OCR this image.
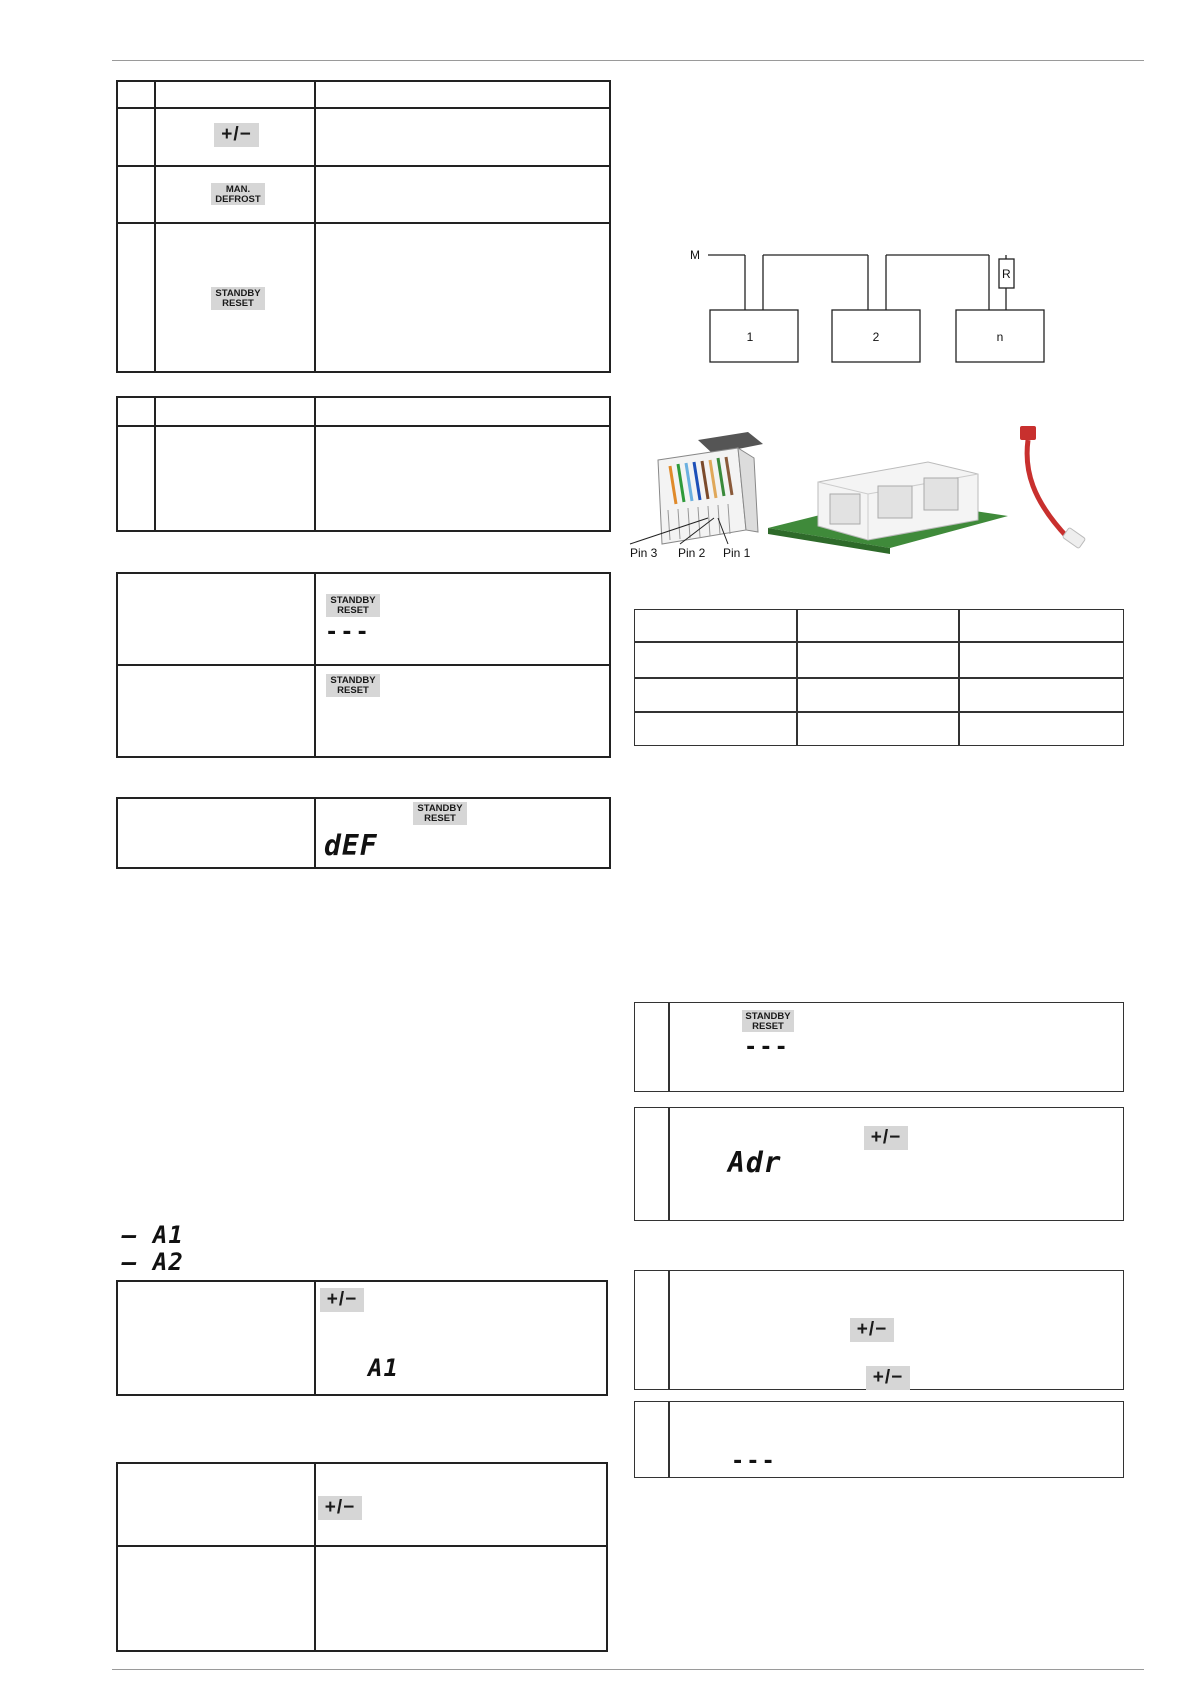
+/−
MAN.
DEFROST
STANDBY
RESET
STANDBY
RESET
---
STANDBY
RESET
STANDBY
RESET
dEF
– A1
– A2
+/−
A1
+/−
M
R
1	2	n
Pin 3 Pin 2 Pin 1
STANDBY
RESET
---
+/−
Adr
+/−
+/−
---
